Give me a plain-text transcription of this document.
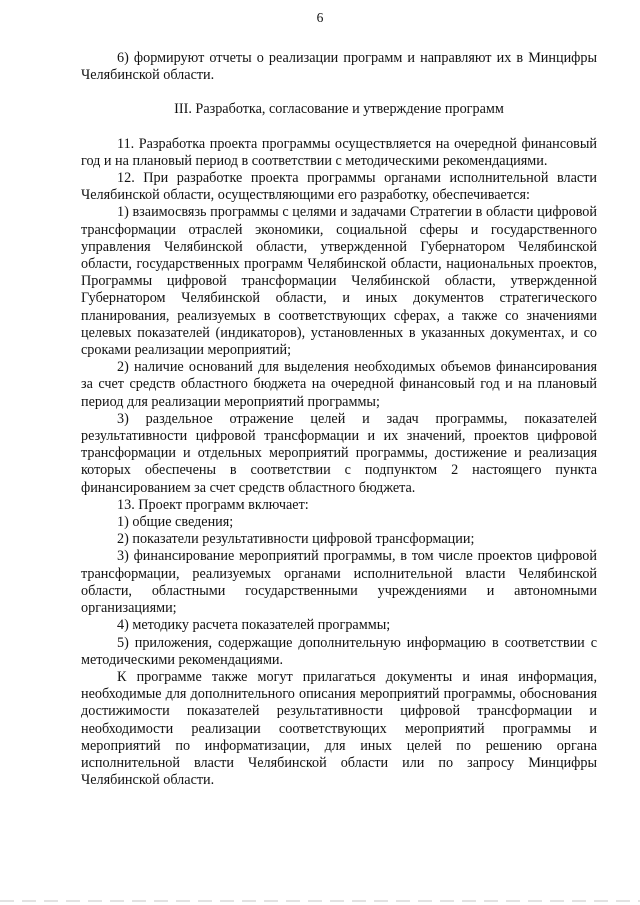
6

6) формируют отчеты о реализации программ и направляют их в Минцифры Челябинской области.

III. Разработка, согласование и утверждение программ

11. Разработка проекта программы осуществляется на очередной финансовый год и на плановый период в соответствии с методическими рекомендациями.

12. При разработке проекта программы органами исполнительной власти Челябинской области, осуществляющими его разработку, обеспечивается:

1) взаимосвязь программы с целями и задачами Стратегии в области цифровой трансформации отраслей экономики, социальной сферы и государственного управления Челябинской области, утвержденной Губернатором Челябинской области, государственных программ Челябинской области, национальных проектов, Программы цифровой трансформации Челябинской области, утвержденной Губернатором Челябинской области, и иных документов стратегического планирования, реализуемых в соответствующих сферах, а также со значениями целевых показателей (индикаторов), установленных в указанных документах, и со сроками реализации мероприятий;

2) наличие оснований для выделения необходимых объемов финансирования за счет средств областного бюджета на очередной финансовый год и на плановый период для реализации мероприятий программы;

3) раздельное отражение целей и задач программы, показателей результативности цифровой трансформации и их значений, проектов цифровой трансформации и отдельных мероприятий программы, достижение и реализация которых обеспечены в соответствии с подпунктом 2 настоящего пункта финансированием за счет средств областного бюджета.

13. Проект программ включает:

1) общие сведения;

2) показатели результативности цифровой трансформации;

3) финансирование мероприятий программы, в том числе проектов цифровой трансформации, реализуемых органами исполнительной власти Челябинской области, областными государственными учреждениями и автономными организациями;

4) методику расчета показателей программы;

5) приложения, содержащие дополнительную информацию в соответствии с методическими рекомендациями.

К программе также могут прилагаться документы и иная информация, необходимые для дополнительного описания мероприятий программы, обоснования достижимости показателей результативности цифровой трансформации и необходимости реализации соответствующих мероприятий программы и мероприятий по информатизации, для иных целей по решению органа исполнительной власти Челябинской области или по запросу Минцифры Челябинской области.
